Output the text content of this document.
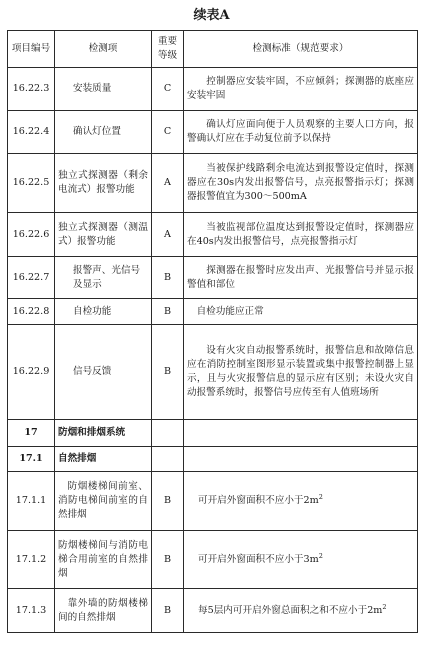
续表A
项目编号	检测项	重要等级	检测标准（规范要求）
16.22.3	安装质量	C	控制器应安装牢固，不应倾斜；探测器的底座应安装牢固
16.22.4	确认灯位置	C	确认灯应面向便于人员观察的主要人口方向，报警确认灯应在手动复位前予以保持
16.22.5	独立式探测器（剩余电流式）报警功能	A	当被保护线路剩余电流达到报警设定值时，探测器应在30s内发出报警信号，点亮报警指示灯；探测器报警值宜为300～500mA
16.22.6	独立式探测器（测温式）报警功能	A	当被监视部位温度达到报警设定值时，探测器应在40s内发出报警信号，点亮报警指示灯
16.22.7	报警声、光信号及显示	B	探测器在报警时应发出声、光报警信号并显示报警值和部位
16.22.8	自检功能	B	自检功能应正常
16.22.9	信号反馈	B	设有火灾自动报警系统时，报警信息和故障信息应在消防控制室图形显示装置或集中报警控制器上显示，且与火灾报警信息的显示应有区别；未设火灾自动报警系统时，报警信号应传至有人值班场所
17	防烟和排烟系统		
17.1	自然排烟		
17.1.1	防烟楼梯间前室、消防电梯间前室的自然排烟	B	可开启外窗面积不应小于$2m^2$
17.1.2	防烟楼梯间与消防电梯合用前室的自然排烟	B	可开启外窗面积不应小于$3m^2$
17.1.3	靠外墙的防烟楼梯间的自然排烟	B	每5层内可开启外窗总面积之和不应小于$2m^2$
